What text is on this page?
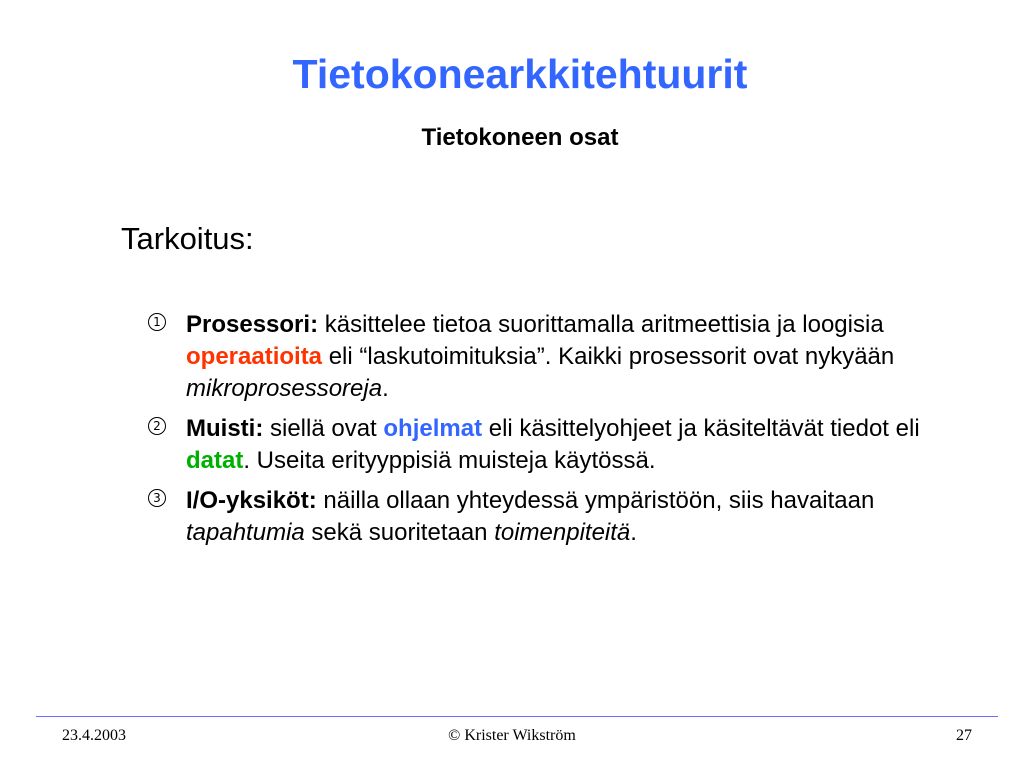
Tietokonearkkitehtuurit
Tietokoneen osat
Tarkoitus:
1 Prosessori: käsittelee tietoa suorittamalla aritmeettisia ja loogisia operaatioita eli “laskutoimituksia”. Kaikki prosessorit ovat nykyään mikroprosessoreja.
2 Muisti: siellä ovat ohjelmat eli käsittelyohjeet ja käsiteltävät tiedot eli datat. Useita erityyppisiä muisteja käytössä.
3 I/O-yksiköt: näilla ollaan yhteydessä ympäristöön, siis havaitaan tapahtumia sekä suoritetaan toimenpiteitä.
23.4.2003	© Krister Wikström	27
